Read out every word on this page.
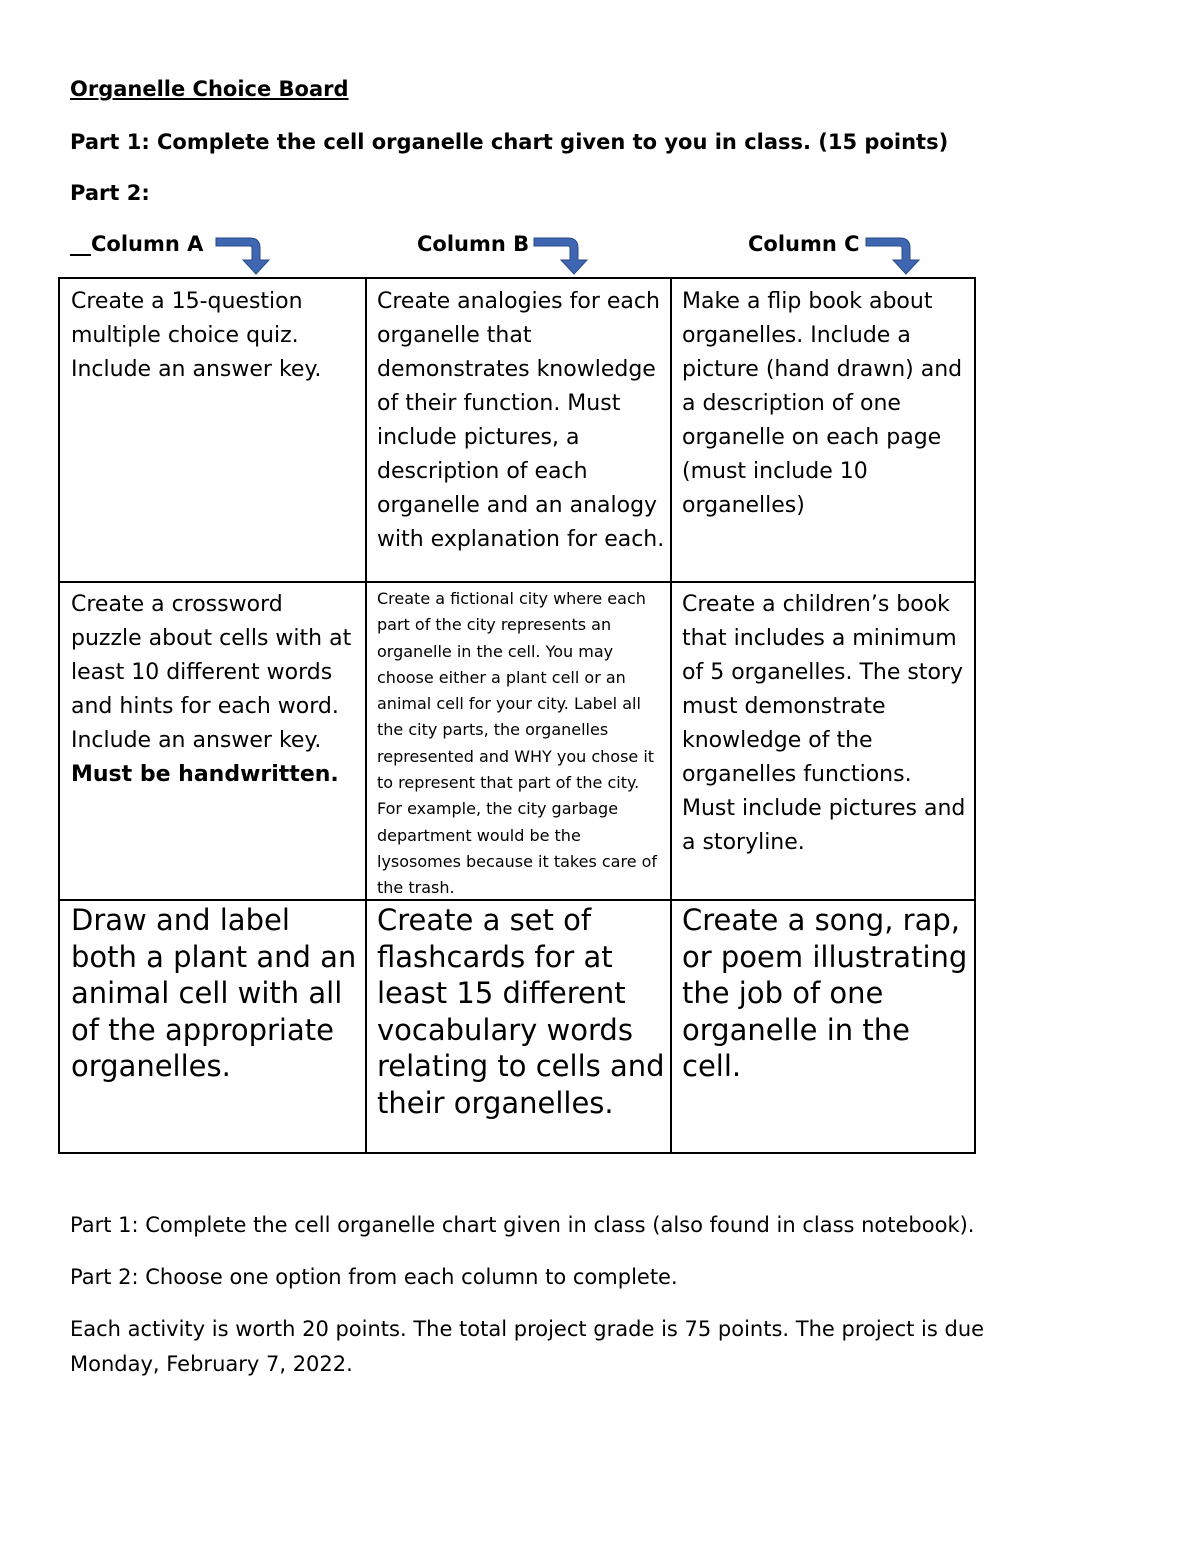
Organelle Choice Board
Part 1: Complete the cell organelle chart given to you in class. (15 points)
Part 2:
__Column A	Column B	Column C

Create a 15-question multiple choice quiz. Include an answer key.

Create analogies for each organelle that demonstrates knowledge of their function. Must include pictures, a description of each organelle and an analogy with explanation for each.

Make a flip book about organelles. Include a picture (hand drawn) and a description of one organelle on each page (must include 10 organelles)

Create a crossword puzzle about cells with at least 10 different words and hints for each word. Include an answer key.

Must be handwritten.

Create a fictional city where each part of the city represents an organelle in the cell. You may choose either a plant cell or an animal cell for your city. Label all the city parts, the organelles represented and WHY you chose it to represent that part of the city. For example, the city garbage department would be the lysosomes because it takes care of the trash.

Create a children’s book that includes a minimum of 5 organelles. The story must demonstrate knowledge of the organelles functions. Must include pictures and a storyline.

Draw and label both a plant and an animal cell with all of the appropriate organelles.

Create a set of flashcards for at least 15 different vocabulary words relating to cells and their organelles.

Create a song, rap, or poem illustrating the job of one organelle in the cell.

Part 1: Complete the cell organelle chart given in class (also found in class notebook).
Part 2: Choose one option from each column to complete.
Each activity is worth 20 points. The total project grade is 75 points. The project is due Monday, February 7, 2022.
